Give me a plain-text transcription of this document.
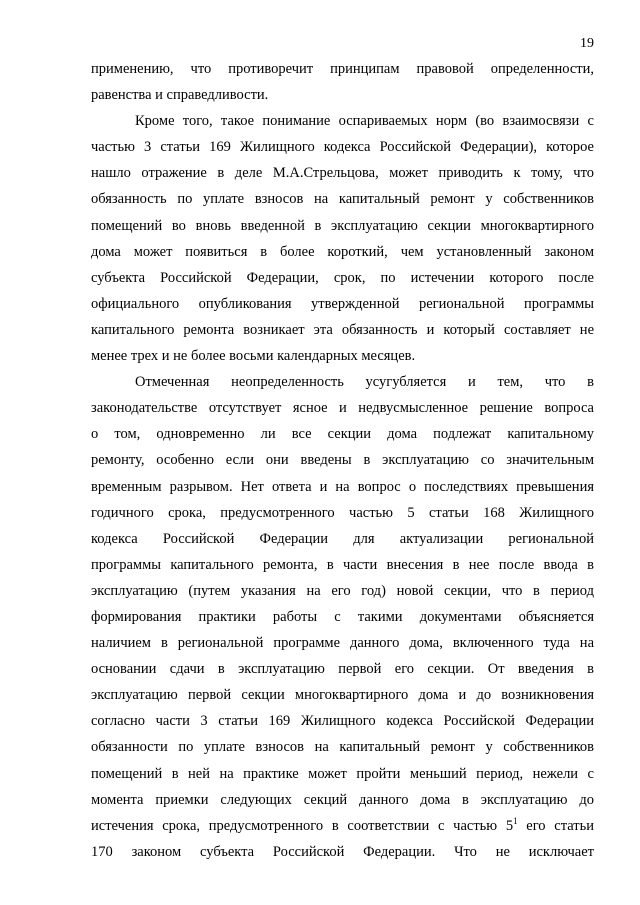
19
применению, что противоречит принципам правовой определенности,
равенства и справедливости.
Кроме того, такое понимание оспариваемых норм (во взаимосвязи с
частью 3 статьи 169 Жилищного кодекса Российской Федерации), которое
нашло отражение в деле М.А.Стрельцова, может приводить к тому, что
обязанность по уплате взносов на капитальный ремонт у собственников
помещений во вновь введенной в эксплуатацию секции многоквартирного
дома может появиться в более короткий, чем установленный законом
субъекта Российской Федерации, срок, по истечении которого после
официального опубликования утвержденной региональной программы
капитального ремонта возникает эта обязанность и который составляет не
менее трех и не более восьми календарных месяцев.
Отмеченная неопределенность усугубляется и тем, что в
законодательстве отсутствует ясное и недвусмысленное решение вопроса
о том, одновременно ли все секции дома подлежат капитальному
ремонту, особенно если они введены в эксплуатацию со значительным
временным разрывом. Нет ответа и на вопрос о последствиях превышения
годичного срока, предусмотренного частью 5 статьи 168 Жилищного
кодекса Российской Федерации для актуализации региональной
программы капитального ремонта, в части внесения в нее после ввода в
эксплуатацию (путем указания на его год) новой секции, что в период
формирования практики работы с такими документами объясняется
наличием в региональной программе данного дома, включенного туда на
основании сдачи в эксплуатацию первой его секции. От введения в
эксплуатацию первой секции многоквартирного дома и до возникновения
согласно части 3 статьи 169 Жилищного кодекса Российской Федерации
обязанности по уплате взносов на капитальный ремонт у собственников
помещений в ней на практике может пройти меньший период, нежели с
момента приемки следующих секций данного дома в эксплуатацию до
истечения срока, предусмотренного в соответствии с частью $5^1$ его статьи
170 законом субъекта Российской Федерации. Что не исключает
